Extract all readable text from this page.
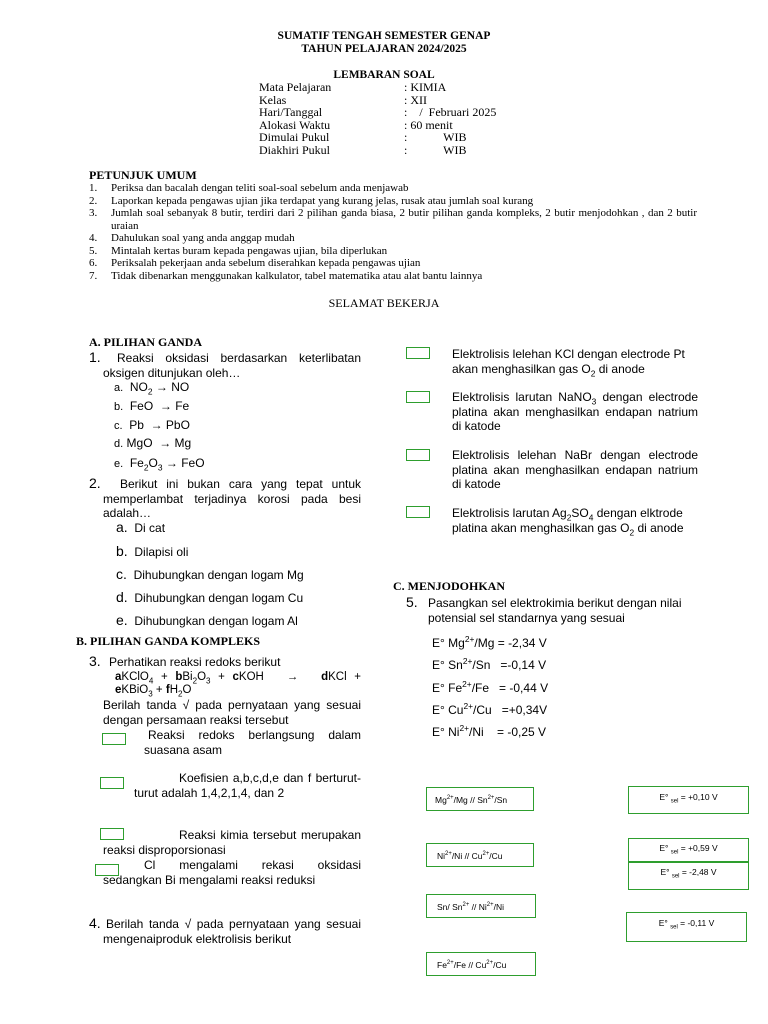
SUMATIF TENGAH SEMESTER GENAP
TAHUN PELAJARAN 2024/2025
LEMBARAN SOAL
Mata Pelajaran	: KIMIA
Kelas	: XII
Hari/Tanggal	:    /  Februari 2025
Alokasi Waktu	: 60 menit
Dimulai Pukul	:            WIB
Diakhiri Pukul	:            WIB
PETUNJUK UMUM
1. Periksa dan bacalah dengan teliti soal-soal sebelum anda menjawab
2. Laporkan kepada pengawas ujian jika terdapat yang kurang jelas, rusak atau jumlah soal kurang
3. Jumlah soal sebanyak 8 butir, terdiri dari 2 pilihan ganda biasa, 2 butir pilihan ganda kompleks, 2 butir menjodohkan , dan 2 butir uraian
4. Dahulukan soal yang anda anggap mudah
5. Mintalah kertas buram kepada pengawas ujian, bila diperlukan
6. Periksalah pekerjaan anda sebelum diserahkan kepada pengawas ujian
7. Tidak dibenarkan menggunakan kalkulator, tabel matematika atau alat bantu lainnya
SELAMAT BEKERJA
A. PILIHAN GANDA
1.	Reaksi oksidasi berdasarkan keterlibatan oksigen ditunjukan oleh…
a.  $NO_2$ → NO
b.  FeO  → Fe
c.  Pb  → PbO
d. MgO  → Mg
e.  $Fe_2O_3$ → FeO
2.	Berikut ini bukan cara yang tepat untuk memperlambat terjadinya korosi pada besi adalah…
a. Di cat
b. Dilapisi oli
c. Dihubungkan dengan logam Mg
d. Dihubungkan dengan logam Cu
e. Dihubungkan dengan logam Al
B. PILIHAN GANDA KOMPLEKS
3. Perhatikan reaksi redoks berikut
aKClO$_4$ + $bBi_2O_3$ + cKOH   →   dKCl +
eKBiO$_3$ + $fH_2O$
Berilah tanda √ pada pernyataan yang sesuai dengan persamaan reaksi tersebut
Reaksi redoks berlangsung dalam suasana asam
Koefisien a,b,c,d,e dan f berturut-turut adalah 1,4,2,1,4, dan 2
Reaksi kimia tersebut merupakan reaksi disproporsionasi
Cl mengalami rekasi oksidasi sedangkan Bi mengalami reaksi reduksi
4. Berilah tanda √ pada pernyataan yang sesuai mengenaiproduk elektrolisis berikut
Elektrolisis lelehan KCl dengan electrode Pt akan menghasilkan gas $O_2$ di anode
Elektrolisis larutan NaNO$_3$ dengan electrode platina akan menghasilkan endapan natrium di katode
Elektrolisis lelehan NaBr dengan electrode platina akan menghasilkan endapan natrium di katode
Elektrolisis larutan $Ag_2SO_4$ dengan elktrode platina akan menghasilkan gas $O_2$ di anode
C. MENJODOHKAN
5. Pasangkan sel elektrokimia berikut dengan nilai potensial sel standarnya yang sesuai
E° $Mg^{2+}/Mg = -2,34$ V
E° $Sn^{2+}/Sn =-0,14$ V
E° $Fe^{2+}/Fe = -0,44$ V
E° $Cu^{2+}/Cu =+0,34V$
E° $Ni^{2+}/Ni$    = -0,25 V
$Mg^{2+}/Mg // Sn^{2+}/Sn$
$Ni^{2+}/Ni // Cu^{2+}/Cu$
Sn/ $Sn^{2+} // Ni^{2+}/Ni$
$Fe^{2+}/Fe // Cu^{2+}/Cu$
E° $_{sel}$ = +0,10 V
E° $_{sel}$ = +0,59 V
E° $_{sel}$ = -2,48 V
E° $_{sel}$ = -0,11 V
